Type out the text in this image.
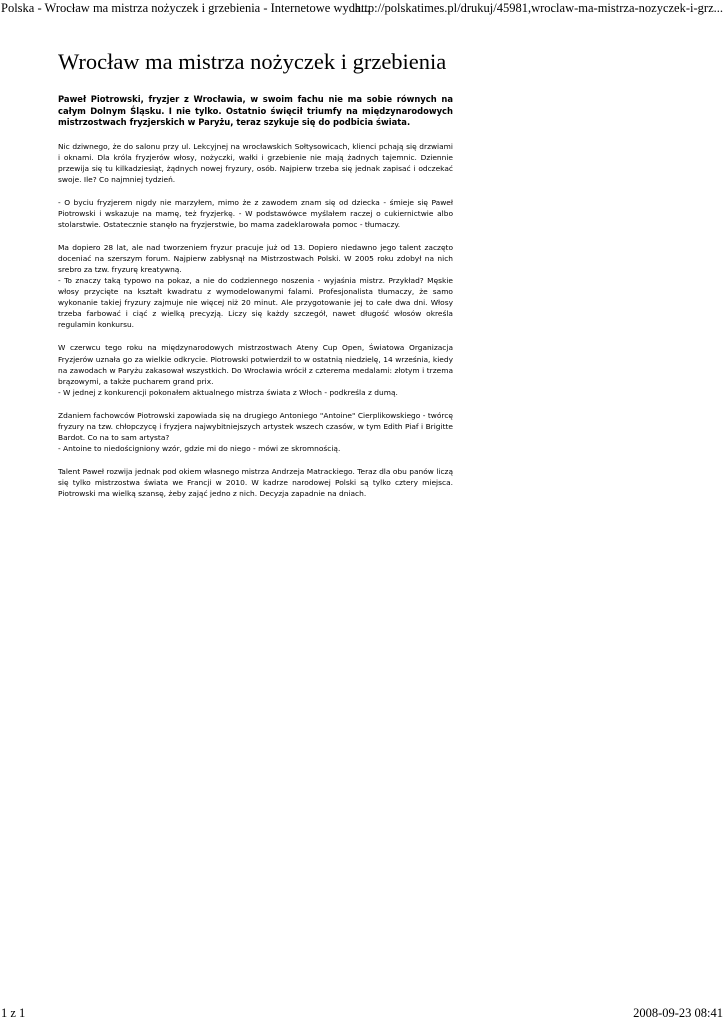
Polska - Wrocław ma mistrza nożyczek i grzebienia - Internetowe wyda...
http://polskatimes.pl/drukuj/45981,wroclaw-ma-mistrza-nozyczek-i-grz...
Wrocław ma mistrza nożyczek i grzebienia

Paweł Piotrowski, fryzjer z Wrocławia, w swoim fachu nie ma sobie równych na całym Dolnym Śląsku. I nie tylko. Ostatnio święcił triumfy na międzynarodowych mistrzostwach fryzjerskich w Paryżu, teraz szykuje się do podbicia świata.

Nic dziwnego, że do salonu przy ul. Lekcyjnej na wrocławskich Sołtysowicach, klienci pchają się drzwiami i oknami. Dla króla fryzjerów włosy, nożyczki, wałki i grzebienie nie mają żadnych tajemnic. Dziennie przewija się tu kilkadziesiąt, żądnych nowej fryzury, osób. Najpierw trzeba się jednak zapisać i odczekać swoje. Ile? Co najmniej tydzień.

- O byciu fryzjerem nigdy nie marzyłem, mimo że z zawodem znam się od dziecka - śmieje się Paweł Piotrowski i wskazuje na mamę, też fryzjerkę. - W podstawówce myślałem raczej o cukiernictwie albo stolarstwie. Ostatecznie stanęło na fryzjerstwie, bo mama zadeklarowała pomoc - tłumaczy.

Ma dopiero 28 lat, ale nad tworzeniem fryzur pracuje już od 13. Dopiero niedawno jego talent zaczęto doceniać na szerszym forum. Najpierw zabłysnął na Mistrzostwach Polski. W 2005 roku zdobył na nich srebro za tzw. fryzurę kreatywną.
- To znaczy taką typowo na pokaz, a nie do codziennego noszenia - wyjaśnia mistrz. Przykład? Męskie włosy przycięte na kształt kwadratu z wymodelowanymi falami. Profesjonalista tłumaczy, że samo wykonanie takiej fryzury zajmuje nie więcej niż 20 minut. Ale przygotowanie jej to całe dwa dni. Włosy trzeba farbować i ciąć z wielką precyzją. Liczy się każdy szczegół, nawet długość włosów określa regulamin konkursu.

W czerwcu tego roku na międzynarodowych mistrzostwach Ateny Cup Open, Światowa Organizacja Fryzjerów uznała go za wielkie odkrycie. Piotrowski potwierdził to w ostatnią niedzielę, 14 września, kiedy na zawodach w Paryżu zakasował wszystkich. Do Wrocławia wrócił z czterema medalami: złotym i trzema brązowymi, a także pucharem grand prix.
- W jednej z konkurencji pokonałem aktualnego mistrza świata z Włoch - podkreśla z dumą.

Zdaniem fachowców Piotrowski zapowiada się na drugiego Antoniego "Antoine" Cierplikowskiego - twórcę fryzury na tzw. chłopczycę i fryzjera najwybitniejszych artystek wszech czasów, w tym Edith Piaf i Brigitte Bardot. Co na to sam artysta?
- Antoine to niedościgniony wzór, gdzie mi do niego - mówi ze skromnością.

Talent Paweł rozwija jednak pod okiem własnego mistrza Andrzeja Matrackiego. Teraz dla obu panów liczą się tylko mistrzostwa świata we Francji w 2010. W kadrze narodowej Polski są tylko cztery miejsca. Piotrowski ma wielką szansę, żeby zająć jedno z nich. Decyzja zapadnie na dniach.

1 z 1	2008-09-23 08:41
